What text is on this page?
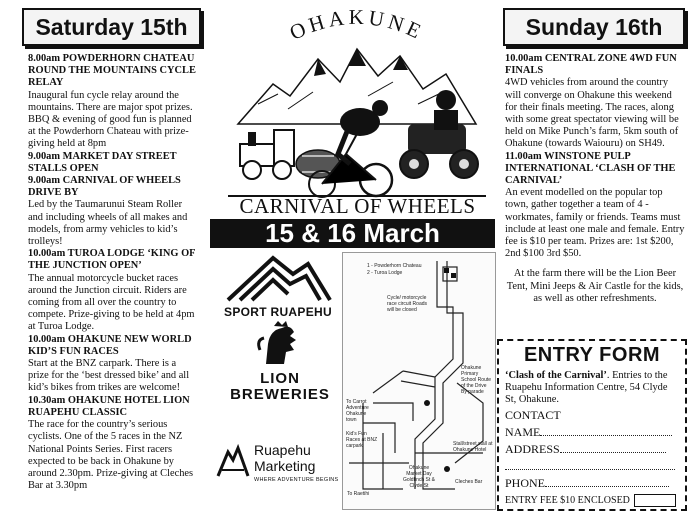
Saturday 15th
8.00am POWDERHORN CHATEAU ROUND THE MOUNTAINS CYCLE RELAY
Inaugural fun cycle relay around the mountains. There are major spot prizes. BBQ & evening of good fun is planned at the Powderhorn Chateau with prize-giving held at 8pm
9.00am MARKET DAY STREET STALLS OPEN
9.00am CARNIVAL OF WHEELS DRIVE BY
Led by the Taumarunui Steam Roller and including wheels of all makes and models, from army vehicles to kid’s trolleys!
10.00am TUROA LODGE ‘KING OF THE JUNCTION OPEN’
The annual motorcycle bucket races around the Junction circuit. Riders are coming from all over the country to compete. Prize-giving to be held at 4pm at Turoa Lodge.
10.00am OHAKUNE NEW WORLD KID’S FUN RACES
Start at the BNZ carpark. There is a prize for the ‘best dressed bike’ and all kid’s bikes from trikes are welcome!
10.30am OHAKUNE HOTEL LION RUAPEHU CLASSIC
The race for the country’s serious cyclists. One of the 5 races in the NZ National Points Series. First racers expected to be back in Ohakune by around 2.30pm. Prize-giving at Cleches Bar at 3.30pm
OHAKUNE
CARNIVAL OF WHEELS
15 & 16 March
SPORT RUAPEHU
LION
BREWERIES
Ruapehu
Marketing
WHERE ADVENTURE BEGINS
1 - Powderhorn Chateau
2 - Turoa Lodge
Cycle/ motorcycle race circuit Roads will be closed
Ohakune Primary School Route of the Drive By parade
To Carrot Adventure Ohakune town
Kid’s Fun Races at BNZ carpark	Stall/street stall at Ohakune Hotel
Ohakune Market Day Goldfinch St & Clyde St
Cleches Bar
To Raetihi
Sunday 16th
10.00am CENTRAL ZONE 4WD FUN FINALS
4WD vehicles from around the country will converge on Ohakune this weekend for their finals meeting. The races, along with some great spectator viewing will be held on Mike Punch’s farm, 5km south of Ohakune (towards Waiouru) on SH49.
11.00am WINSTONE PULP INTERNATIONAL ‘CLASH OF THE CARNIVAL’
An event modelled on the popular top town, gather together a team of 4 - workmates, family or friends. Teams must include at least one male and female. Entry fee is $10 per team. Prizes are: 1st $200, 2nd $100 3rd $50.
At the farm there will be the Lion Beer Tent, Mini Jeeps & Air Castle for the kids, as well as other refreshments.
ENTRY FORM
‘Clash of the Carnival’. Entries to the Ruapehu Information Centre, 54 Clyde St, Ohakune.
CONTACT
NAME
ADDRESS
PHONE
ENTRY FEE $10 ENCLOSED
